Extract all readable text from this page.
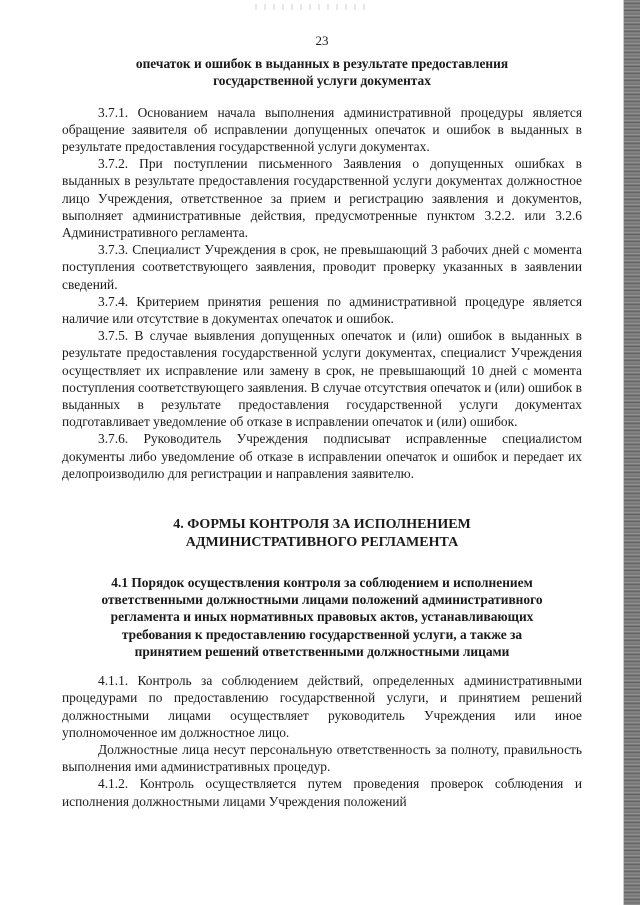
23

опечаток и ошибок в выданных в результате предоставления

государственной услуги документах

3.7.1. Основанием начала выполнения административной процедуры является обращение заявителя об исправлении допущенных опечаток и ошибок в выданных в результате предоставления государственной услуги документах.

3.7.2. При поступлении письменного Заявления о допущенных ошибках в выданных в результате предоставления государственной услуги документах должностное лицо Учреждения, ответственное за прием и регистрацию заявления и документов, выполняет административные действия, предусмотренные пунктом 3.2.2. или 3.2.6 Административного регламента.

3.7.3. Специалист Учреждения в срок, не превышающий 3 рабочих дней с момента поступления соответствующего заявления, проводит проверку указанных в заявлении сведений.

3.7.4. Критерием принятия решения по административной процедуре является наличие или отсутствие в документах опечаток и ошибок.

3.7.5. В случае выявления допущенных опечаток и (или) ошибок в выданных в результате предоставления государственной услуги документах, специалист Учреждения осуществляет их исправление или замену в срок, не превышающий 10 дней с момента поступления соответствующего заявления. В случае отсутствия опечаток и (или) ошибок в выданных в результате предоставления государственной услуги документах подготавливает уведомление об отказе в исправлении опечаток и (или) ошибок.

3.7.6. Руководитель Учреждения подписыват исправленные специалистом документы либо уведомление об отказе в исправлении опечаток и ошибок и передает их делопроизводилю для регистрации и направления заявителю.

4. ФОРМЫ КОНТРОЛЯ ЗА ИСПОЛНЕНИЕМ

АДМИНИСТРАТИВНОГО РЕГЛАМЕНТА

4.1 Порядок осуществления контроля за соблюдением и исполнением

ответственными должностными лицами положений административного

регламента и иных нормативных правовых актов, устанавливающих

требования к предоставлению государственной услуги, а также за

принятием решений ответственными должностными лицами

4.1.1. Контроль за соблюдением действий, определенных административными процедурами по предоставлению государственной услуги, и принятием решений должностными лицами осуществляет руководитель Учреждения или иное уполномоченное им должностное лицо.

Должностные лица несут персональную ответственность за полноту, правильность выполнения ими административных процедур.

4.1.2. Контроль осуществляется путем проведения проверок соблюдения и исполнения должностными лицами Учреждения положений
